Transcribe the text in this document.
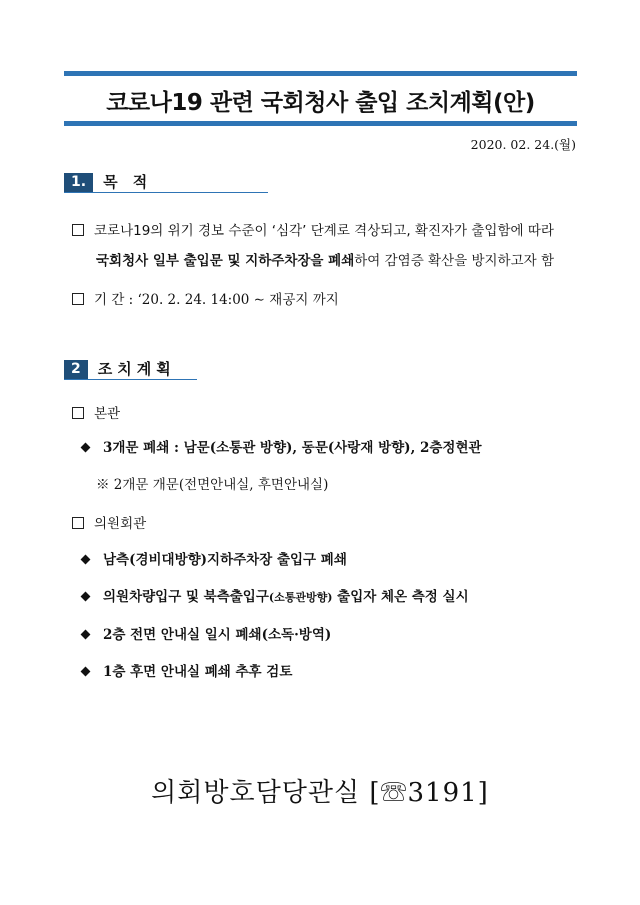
코로나19 관련 국회청사 출입 조치계획(안)
2020. 02. 24.(월)
1.	목 적
코로나19의 위기 경보 수준이 ‘심각’ 단계로 격상되고, 확진자가 출입함에 따라
국회청사 일부 출입문 및 지하주차장을 폐쇄하여 감염증 확산을 방지하고자 함
기 간 : ‘20. 2. 24. 14:00 ∼ 재공지 까지
2	조치계획
본관
3개문 폐쇄 : 남문(소통관 방향), 동문(사랑재 방향), 2층정현관
※ 2개문 개문(전면안내실, 후면안내실)
의원회관
남측(경비대방향)지하주차장 출입구 폐쇄
의원차량입구 및 북측출입구(소통관방향) 출입자 체온 측정 실시
2층 전면 안내실 일시 폐쇄(소독·방역)
1층 후면 안내실 폐쇄 추후 검토
의회방호담당관실 [☏3191]
